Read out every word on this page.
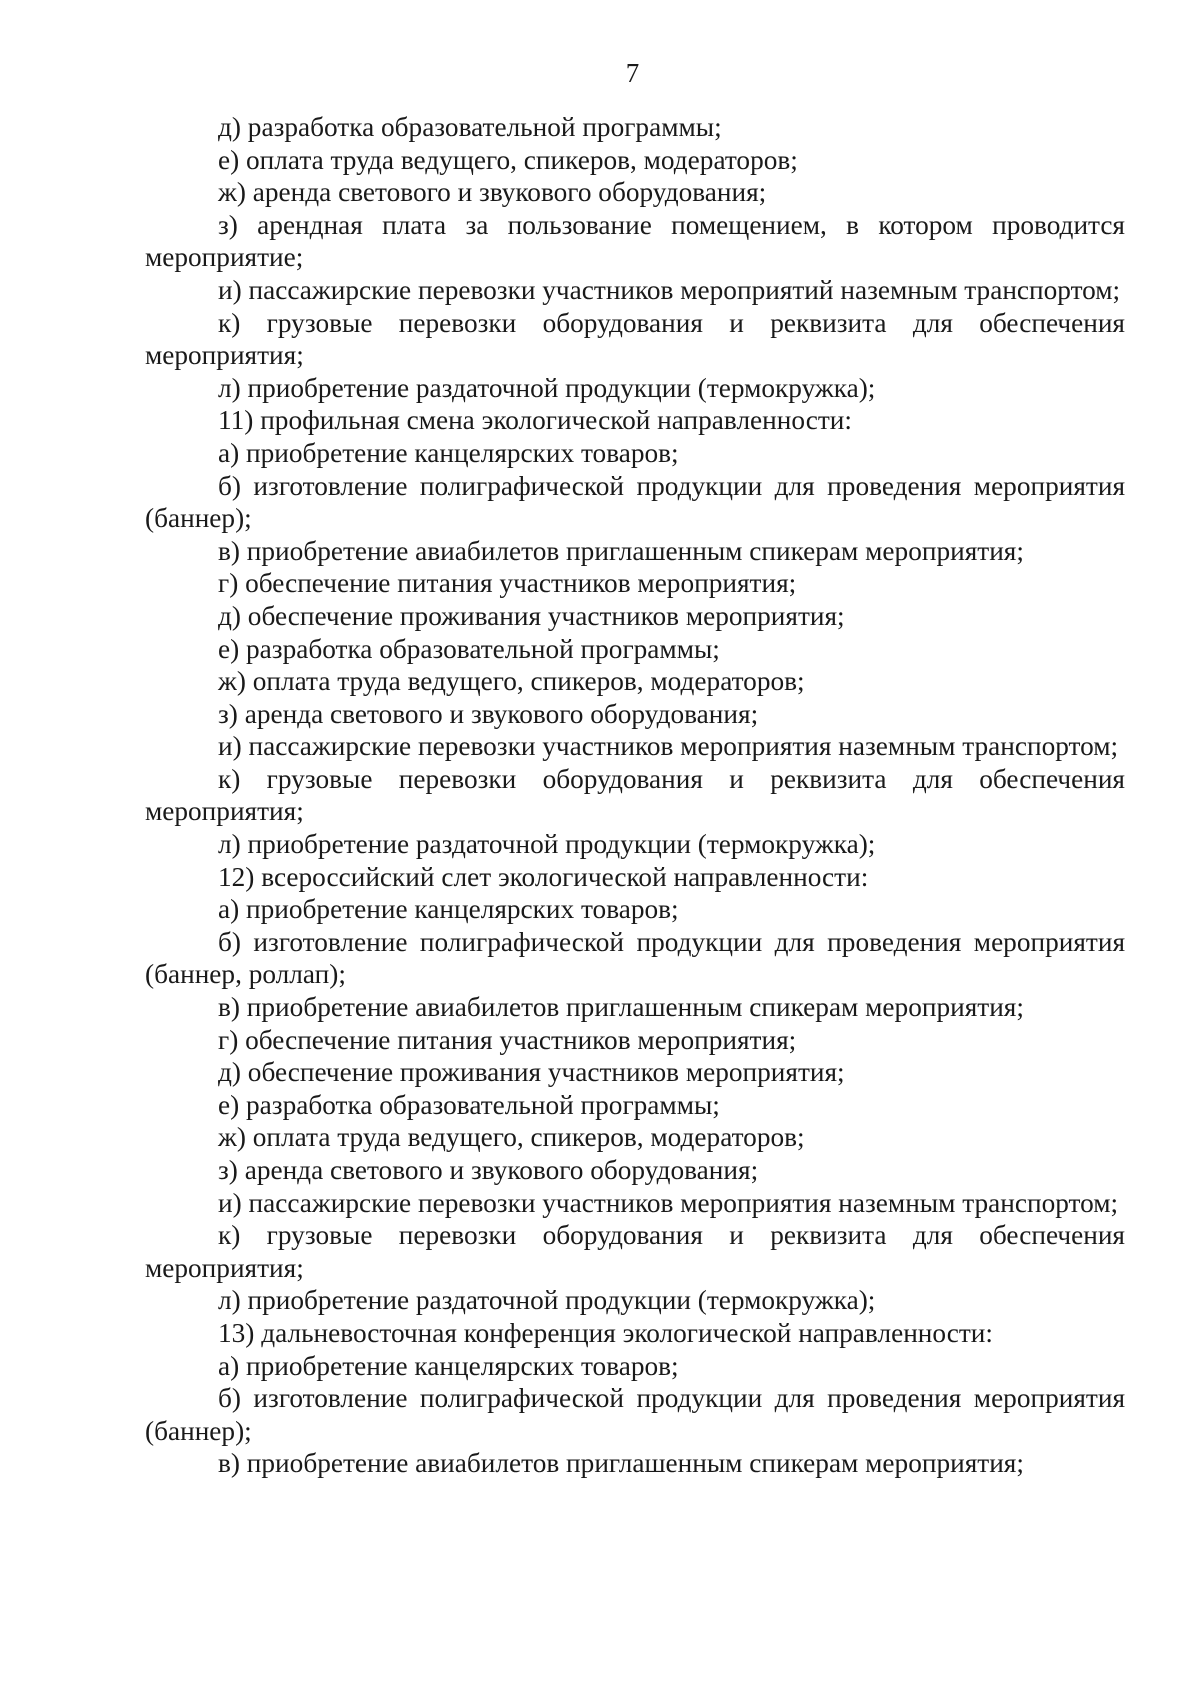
7

д) разработка образовательной программы;

е) оплата труда ведущего, спикеров, модераторов;

ж) аренда светового и звукового оборудования;

з) арендная плата за пользование помещением, в котором проводится мероприятие;

и) пассажирские перевозки участников мероприятий наземным транспортом;

к) грузовые перевозки оборудования и реквизита для обеспечения мероприятия;

л) приобретение раздаточной продукции (термокружка);

11) профильная смена экологической направленности:

а) приобретение канцелярских товаров;

б) изготовление полиграфической продукции для проведения мероприятия (баннер);

в) приобретение авиабилетов приглашенным спикерам мероприятия;

г) обеспечение питания участников мероприятия;

д) обеспечение проживания участников мероприятия;

е) разработка образовательной программы;

ж) оплата труда ведущего, спикеров, модераторов;

з) аренда светового и звукового оборудования;

и) пассажирские перевозки участников мероприятия наземным транспортом;

к) грузовые перевозки оборудования и реквизита для обеспечения мероприятия;

л) приобретение раздаточной продукции (термокружка);

12) всероссийский слет экологической направленности:

а) приобретение канцелярских товаров;

б) изготовление полиграфической продукции для проведения мероприятия (баннер, роллап);

в) приобретение авиабилетов приглашенным спикерам мероприятия;

г) обеспечение питания участников мероприятия;

д) обеспечение проживания участников мероприятия;

е) разработка образовательной программы;

ж) оплата труда ведущего, спикеров, модераторов;

з) аренда светового и звукового оборудования;

и) пассажирские перевозки участников мероприятия наземным транспортом;

к) грузовые перевозки оборудования и реквизита для обеспечения мероприятия;

л) приобретение раздаточной продукции (термокружка);

13) дальневосточная конференция экологической направленности:

а) приобретение канцелярских товаров;

б) изготовление полиграфической продукции для проведения мероприятия (баннер);

в) приобретение авиабилетов приглашенным спикерам мероприятия;
